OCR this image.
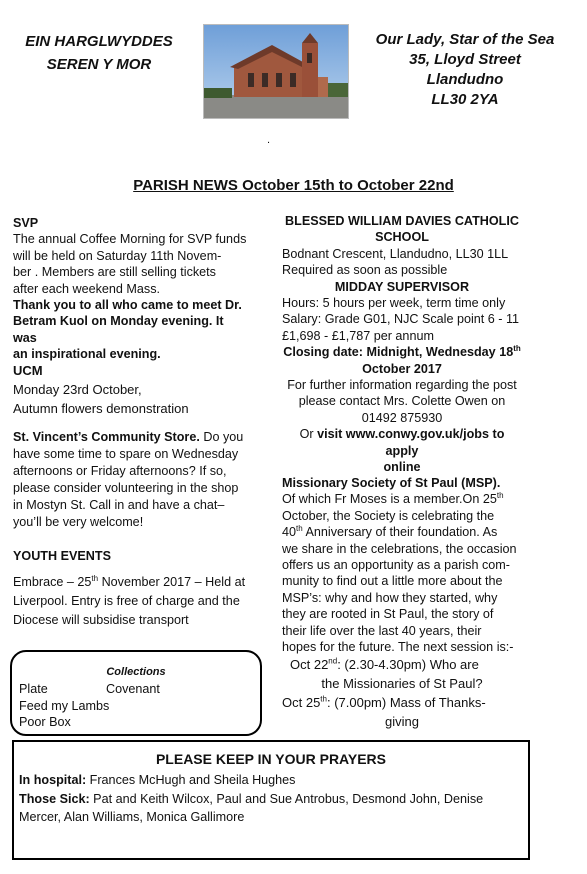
EIN HARGLWYDDES
SEREN Y MOR
Our Lady, Star of the Sea
35, Lloyd Street
Llandudno
LL30 2YA
.
PARISH NEWS October 15th to October 22nd
SVP
The annual Coffee Morning for SVP funds
will be held on Saturday 11th Novem-
ber . Members are still selling tickets
after each weekend Mass.
Thank you to all who came to meet Dr.
Betram Kuol on Monday evening. It was
an inspirational evening.
UCM
Monday 23rd October,
Autumn flowers demonstration
St. Vincent’s Community Store. Do you
have some time to spare on Wednesday
afternoons or Friday afternoons? If so,
please consider volunteering in the shop
in Mostyn St. Call in and have a chat–
you’ll be very welcome!
YOUTH EVENTS
Embrace – 25th November 2017 – Held at
Liverpool. Entry is free of charge and the
Diocese will subsidise transport
Collections
Plate	Covenant
Feed my Lambs
Poor Box
BLESSED WILLIAM DAVIES CATHOLIC
SCHOOL
Bodnant Crescent, Llandudno, LL30 1LL
Required as soon as possible
MIDDAY SUPERVISOR
Hours: 5 hours per week, term time only
Salary: Grade G01, NJC Scale point 6 - 11
£1,698 - £1,787 per annum
Closing date: Midnight, Wednesday 18th
October 2017
For further information regarding the post
please contact Mrs. Colette Owen on
01492 875930
Or visit www.conwy.gov.uk/jobs to apply
online
Missionary Society of St Paul (MSP).
Of which Fr Moses is a member.On 25th
October, the Society is celebrating the
40th Anniversary of their foundation. As
we share in the celebrations, the occasion
offers us an opportunity as a parish com-
munity to find out a little more about the
MSP’s: why and how they started, why
they are rooted in St Paul, the story of
their life over the last 40 years, their
hopes for the future. The next session is:-
Oct 22nd: (2.30-4.30pm) Who are
the Missionaries of St Paul?
Oct 25th: (7.00pm) Mass of Thanks-
giving
PLEASE KEEP IN YOUR PRAYERS
In hospital: Frances McHugh and Sheila Hughes
Those Sick: Pat and Keith Wilcox, Paul and Sue Antrobus, Desmond John, Denise
Mercer, Alan Williams, Monica Gallimore
